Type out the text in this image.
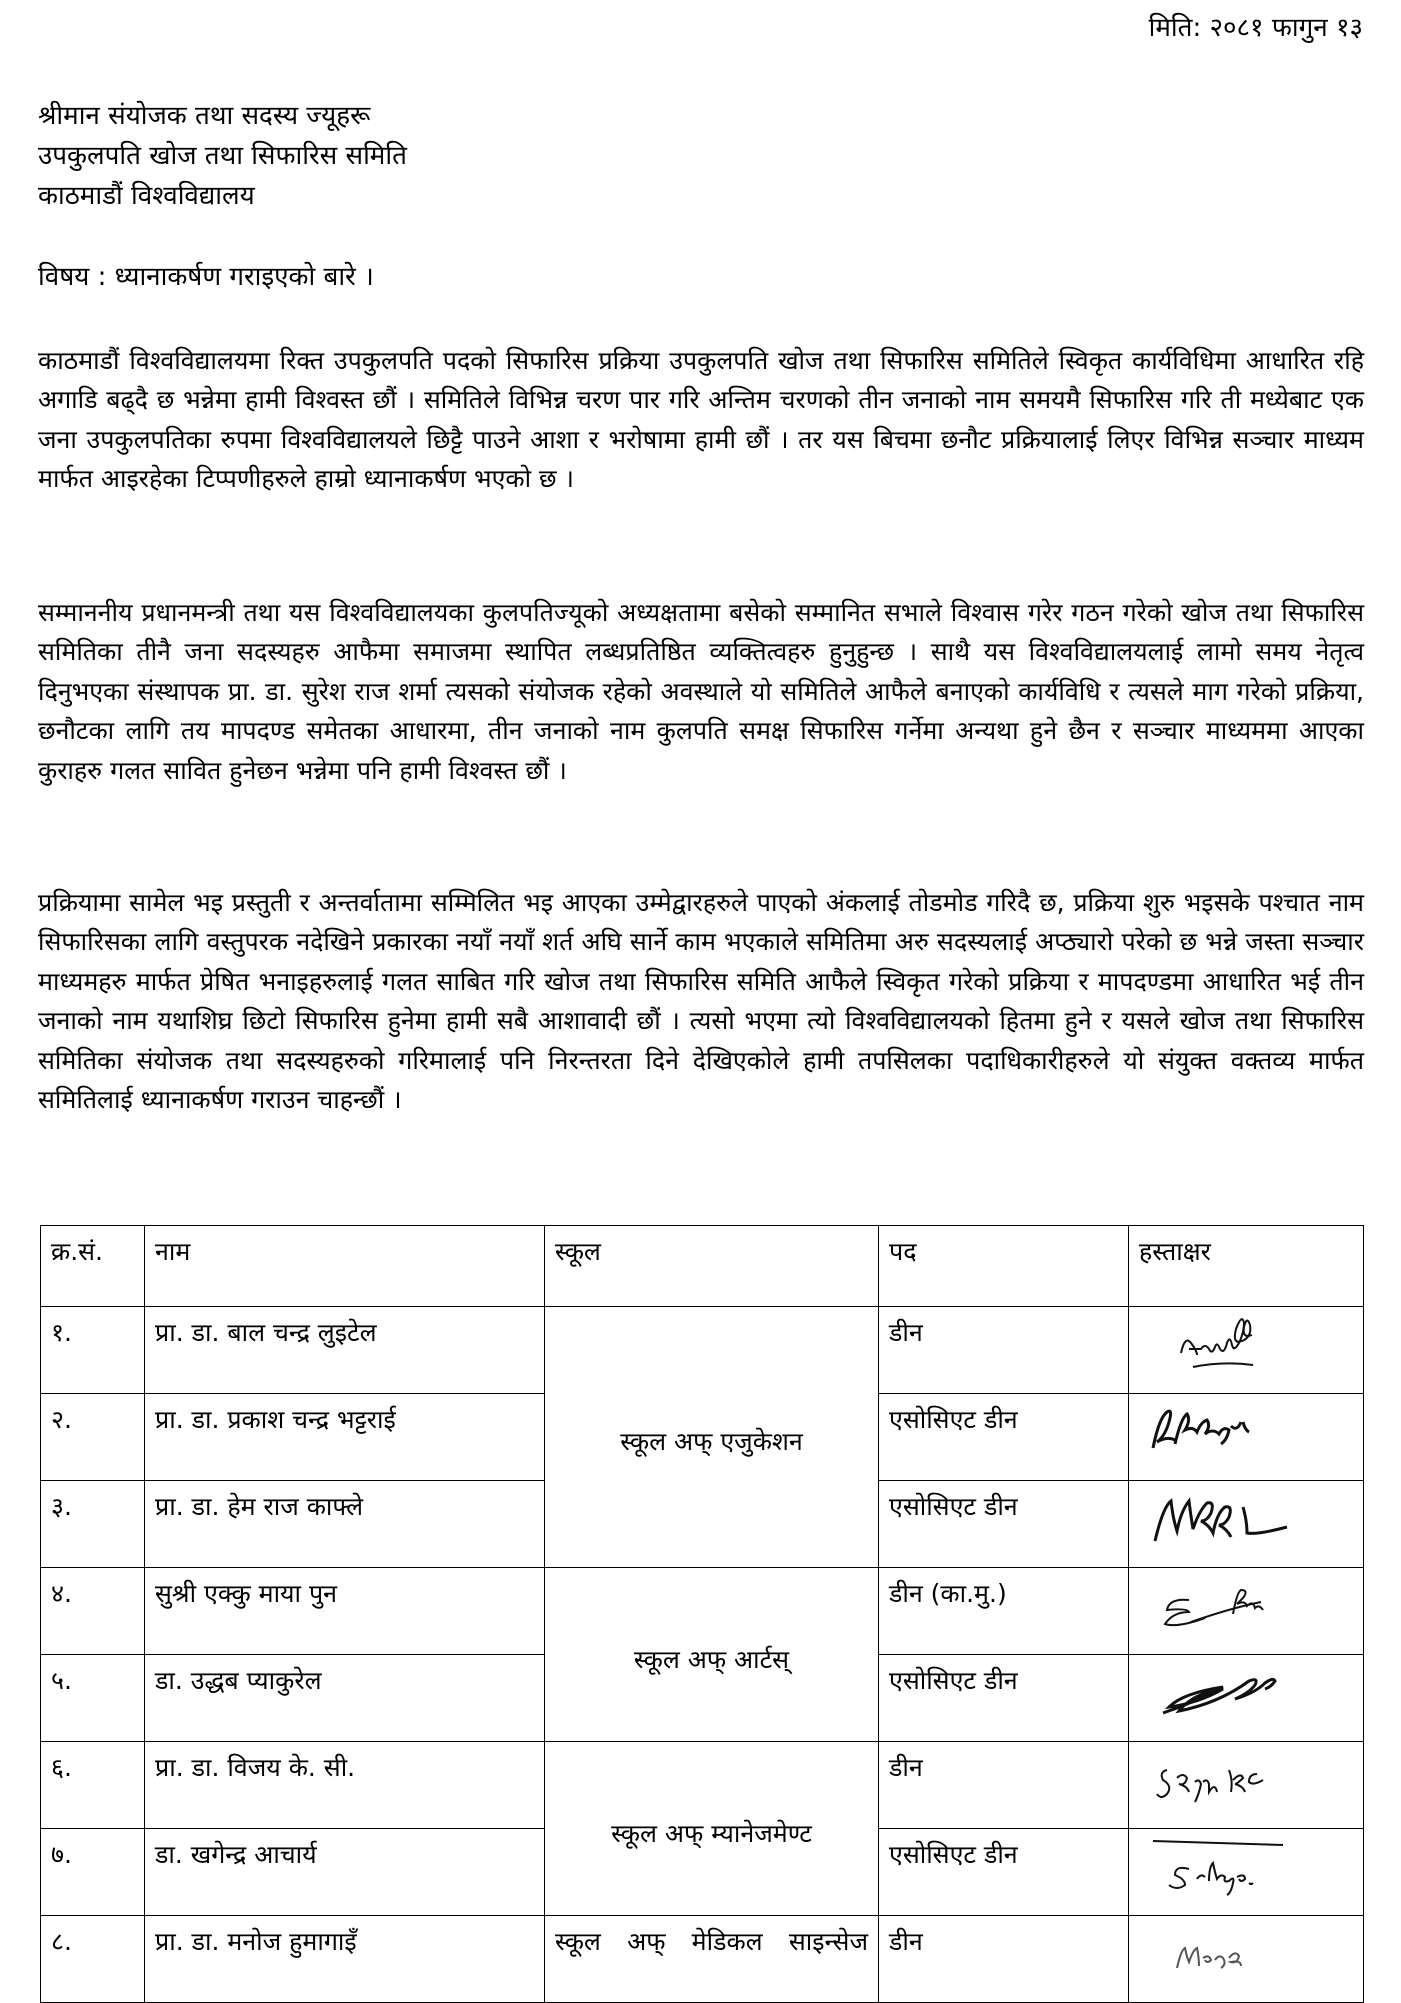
मिति: २०८१ फागुन १३
श्रीमान संयोजक तथा सदस्य ज्यूहरू
उपकुलपति खोज तथा सिफारिस समिति
काठमाडौं विश्वविद्यालय
विषय : ध्यानाकर्षण गराइएको बारे ।
काठमाडौं विश्वविद्यालयमा रिक्त उपकुलपति पदको सिफारिस प्रक्रिया उपकुलपति खोज तथा सिफारिस समितिले स्विकृत कार्यविधिमा आधारित रहि अगाडि बढ्दै छ भन्नेमा हामी विश्वस्त छौं । समितिले विभिन्न चरण पार गरि अन्तिम चरणको तीन जनाको नाम समयमै सिफारिस गरि ती मध्येबाट एक जना उपकुलपतिका रुपमा विश्वविद्यालयले छिट्टै पाउने आशा र भरोषामा हामी छौं । तर यस बिचमा छनौट प्रक्रियालाई लिएर विभिन्न सञ्चार माध्यम मार्फत आइरहेका टिप्पणीहरुले हाम्रो ध्यानाकर्षण भएको छ ।
सम्माननीय प्रधानमन्त्री तथा यस विश्वविद्यालयका कुलपतिज्यूको अध्यक्षतामा बसेको सम्मानित सभाले विश्वास गरेर गठन गरेको खोज तथा सिफारिस समितिका तीनै जना सदस्यहरु आफैमा समाजमा स्थापित लब्धप्रतिष्ठित व्यक्तित्वहरु हुनुहुन्छ । साथै यस विश्वविद्यालयलाई लामो समय नेतृत्व दिनुभएका संस्थापक प्रा. डा. सुरेश राज शर्मा त्यसको संयोजक रहेको अवस्थाले यो समितिले आफैले बनाएको कार्यविधि र त्यसले माग गरेको प्रक्रिया, छनौटका लागि तय मापदण्ड समेतका आधारमा, तीन जनाको नाम कुलपति समक्ष सिफारिस गर्नेमा अन्यथा हुने छैन र सञ्चार माध्यममा आएका कुराहरु गलत सावित हुनेछन भन्नेमा पनि हामी विश्वस्त छौं ।
प्रक्रियामा सामेल भइ प्रस्तुती र अन्तर्वातामा सम्मिलित भइ आएका उम्मेद्वारहरुले पाएको अंकलाई तोडमोड गरिदै छ, प्रक्रिया शुरु भइसके पश्चात नाम सिफारिसका लागि वस्तुपरक नदेखिने प्रकारका नयाँ नयाँ शर्त अघि सार्ने काम भएकाले समितिमा अरु सदस्यलाई अप्ठ्यारो परेको छ भन्ने जस्ता सञ्चार माध्यमहरु मार्फत प्रेषित भनाइहरुलाई गलत साबित गरि खोज तथा सिफारिस समिति आफैले स्विकृत गरेको प्रक्रिया र मापदण्डमा आधारित भई तीन जनाको नाम यथाशिघ्र छिटो सिफारिस हुनेमा हामी सबै आशावादी छौं । त्यसो भएमा त्यो विश्वविद्यालयको हितमा हुने र यसले खोज तथा सिफारिस समितिका संयोजक तथा सदस्यहरुको गरिमालाई पनि निरन्तरता दिने देखिएकोले हामी तपसिलका पदाधिकारीहरुले यो संयुक्त वक्तव्य मार्फत समितिलाई ध्यानाकर्षण गराउन चाहन्छौं ।
क्र.सं.	नाम	स्कूल	पद	हस्ताक्षर
१.	प्रा. डा. बाल चन्द्र लुइटेल	स्कूल अफ् एजुकेशन	डीन	

२.	प्रा. डा. प्रकाश चन्द्र भट्टराई		एसोसिएट डीन	

३.	प्रा. डा. हेम राज काफ्ले		एसोसिएट डीन	

४.	सुश्री एक्कु माया पुन	स्कूल अफ् आर्टस्	डीन (का.मु.)	

५.	डा. उद्धब प्याकुरेल		एसोसिएट डीन	

६.	प्रा. डा. विजय के. सी.	स्कूल अफ् म्यानेजमेण्ट	डीन	

७.	डा. खगेन्द्र आचार्य		एसोसिएट डीन	

८.	प्रा. डा. मनोज हुमागाइँ	स्कूल अफ् मेडिकल साइन्सेज	डीन	
